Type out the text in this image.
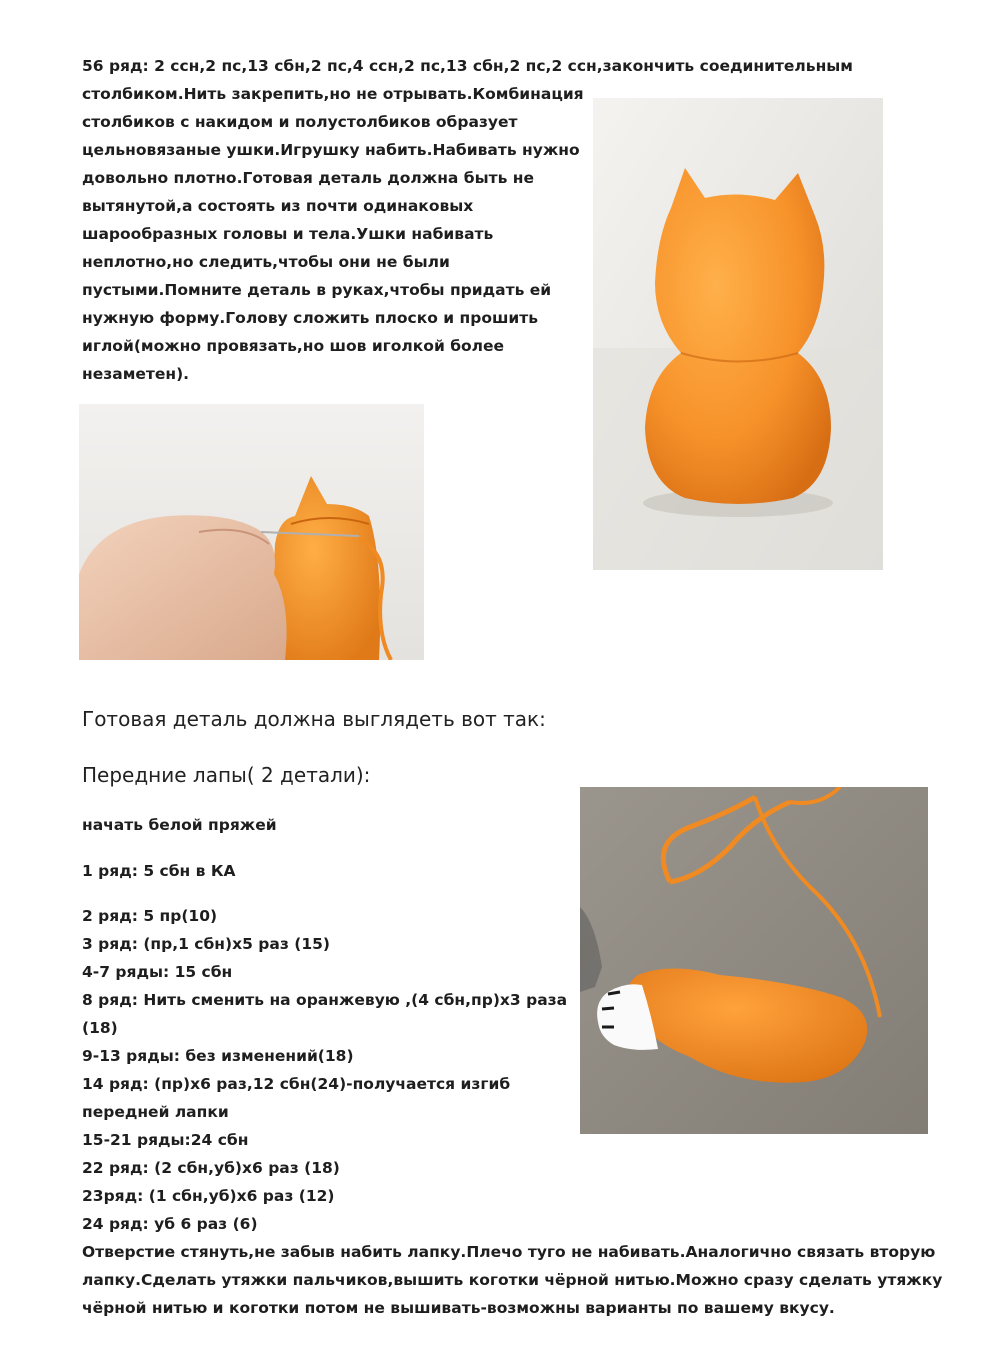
56 ряд: 2 ссн,2 пс,13 сбн,2 пс,4 ссн,2 пс,13 сбн,2 пс,2 ссн,закончить соединительным
столбиком.Нить закрепить,но не отрывать.Комбинация
столбиков с накидом и полустолбиков образует
цельновязаные ушки.Игрушку набить.Набивать нужно
довольно плотно.Готовая деталь должна быть не
вытянутой,а состоять из почти одинаковых
шарообразных головы и тела.Ушки набивать
неплотно,но следить,чтобы они не были
пустыми.Помните деталь в руках,чтобы придать ей
нужную форму.Голову сложить плоско и прошить
иглой(можно провязать,но шов иголкой более
незаметен).
Готовая деталь должна выглядеть вот так:
Передние лапы( 2 детали):
начать белой пряжей
1 ряд: 5 сбн в КА
2 ряд: 5 пр(10)
3 ряд: (пр,1 сбн)х5 раз (15)
4-7 ряды: 15 сбн
8 ряд: Нить сменить на оранжевую ,(4 сбн,пр)х3 раза
(18)
9-13 ряды: без изменений(18)
14 ряд: (пр)х6 раз,12 сбн(24)-получается изгиб
передней лапки
15-21 ряды:24 сбн
22 ряд: (2 сбн,уб)х6 раз (18)
23ряд: (1 сбн,уб)х6 раз (12)
24 ряд: уб 6 раз (6)
Отверстие стянуть,не забыв набить лапку.Плечо туго не набивать.Аналогично связать вторую
лапку.Сделать утяжки пальчиков,вышить коготки чёрной нитью.Можно сразу сделать утяжку
чёрной нитью и коготки потом не вышивать-возможны варианты по вашему вкусу.
